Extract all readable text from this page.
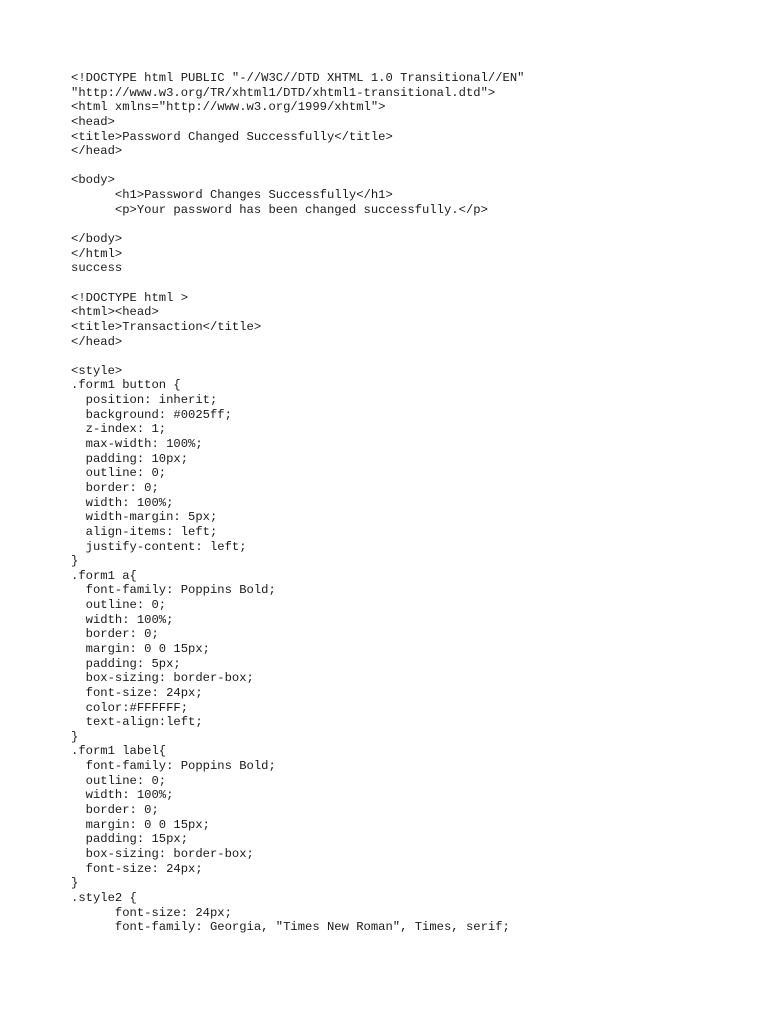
<!DOCTYPE html PUBLIC "-//W3C//DTD XHTML 1.0 Transitional//EN"
"http://www.w3.org/TR/xhtml1/DTD/xhtml1-transitional.dtd">
<html xmlns="http://www.w3.org/1999/xhtml">
<head>
<title>Password Changed Successfully</title>
</head>
<body>
<h1>Password Changes Successfully</h1>
<p>Your password has been changed successfully.</p>
</body>
</html>
success
<!DOCTYPE html >
<html><head>
<title>Transaction</title>
</head>
<style>
.form1 button {
position: inherit;
background: #0025ff;
z-index: 1;
max-width: 100%;
padding: 10px;
outline: 0;
border: 0;
width: 100%;
width-margin: 5px;
align-items: left;
justify-content: left;
}
.form1 a{
font-family: Poppins Bold;
outline: 0;
width: 100%;
border: 0;
margin: 0 0 15px;
padding: 5px;
box-sizing: border-box;
font-size: 24px;
color:#FFFFFF;
text-align:left;
}
.form1 label{
font-family: Poppins Bold;
outline: 0;
width: 100%;
border: 0;
margin: 0 0 15px;
padding: 15px;
box-sizing: border-box;
font-size: 24px;
}
.style2 {
font-size: 24px;
font-family: Georgia, "Times New Roman", Times, serif;
